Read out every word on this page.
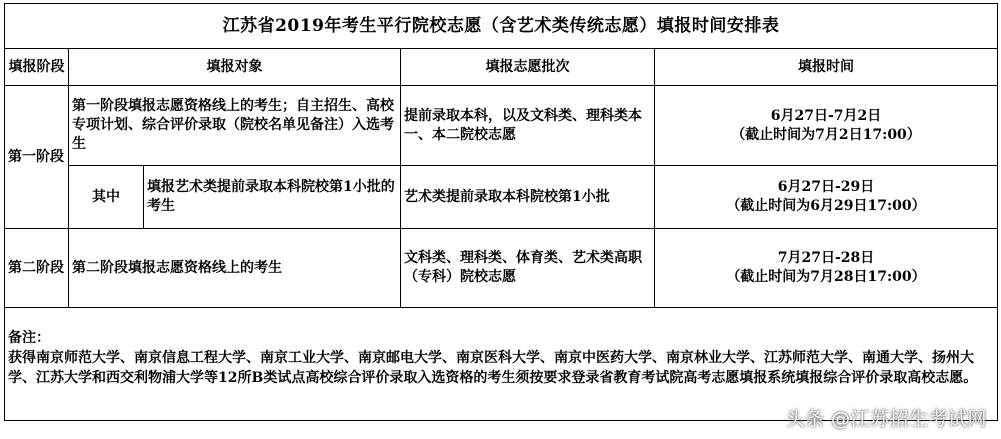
江苏省2019年考生平行院校志愿（含艺术类传统志愿）填报时间安排表				
填报阶段	填报对象		填报志愿批次	填报时间
第一阶段	第一阶段填报志愿资格线上的考生；自主招生、高校专项计划、综合评价录取（院校名单见备注）入选考生		提前录取本科，以及文科类、理科类本一、本二院校志愿	6月27日-7月2日
（截止时间为7月2日17:00）

	其中	填报艺术类提前录取本科院校第1小批的考生	艺术类提前录取本科院校第1小批	6月27日-29日
（截止时间为6月29日17:00）

第二阶段	第二阶段填报志愿资格线上的考生		文科类、理科类、体育类、艺术类高职（专科）院校志愿	7月27日-28日
（截止时间为7月28日17:00）

备注：
获得南京师范大学、南京信息工程大学、南京工业大学、南京邮电大学、南京医科大学、南京中医药大学、南京林业大学、江苏师范大学、南通大学、扬州大学、江苏大学和西交利物浦大学等12所B类试点高校综合评价录取入选资格的考生须按要求登录省教育考试院高考志愿填报系统填报综合评价录取高校志愿。				
头条 @江苏招生考试网
